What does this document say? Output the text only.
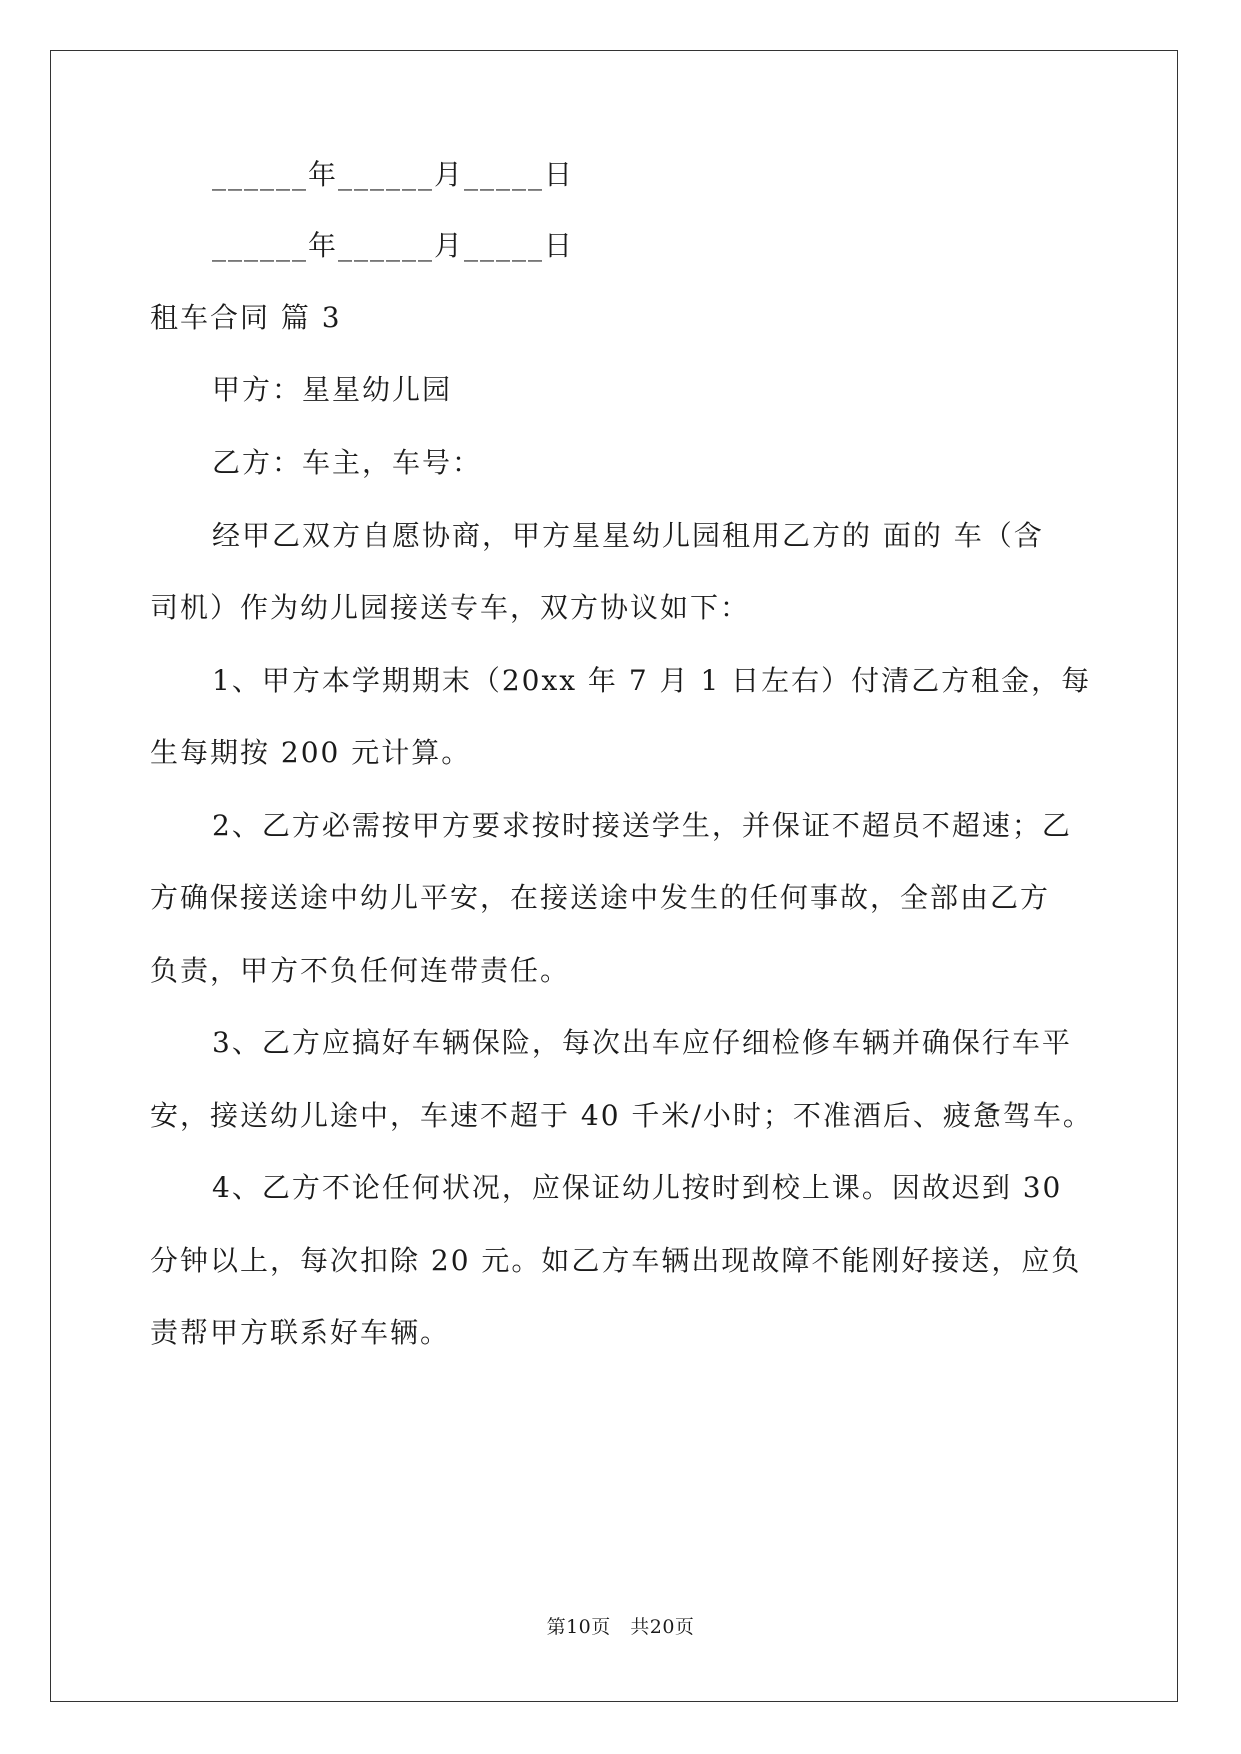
______年______月_____日
______年______月_____日
租车合同 篇 3
甲方：星星幼儿园
乙方：车主，车号：
经甲乙双方自愿协商，甲方星星幼儿园租用乙方的 面的 车（含
司机）作为幼儿园接送专车，双方协议如下：
1、甲方本学期期末（20xx 年 7 月 1 日左右）付清乙方租金，每
生每期按 200 元计算。
2、乙方必需按甲方要求按时接送学生，并保证不超员不超速；乙
方确保接送途中幼儿平安，在接送途中发生的任何事故，全部由乙方
负责，甲方不负任何连带责任。
3、乙方应搞好车辆保险，每次出车应仔细检修车辆并确保行车平
安，接送幼儿途中，车速不超于 40 千米/小时；不准酒后、疲惫驾车。
4、乙方不论任何状况，应保证幼儿按时到校上课。因故迟到 30
分钟以上，每次扣除 20 元。如乙方车辆出现故障不能刚好接送，应负
责帮甲方联系好车辆。
第10页　共20页
